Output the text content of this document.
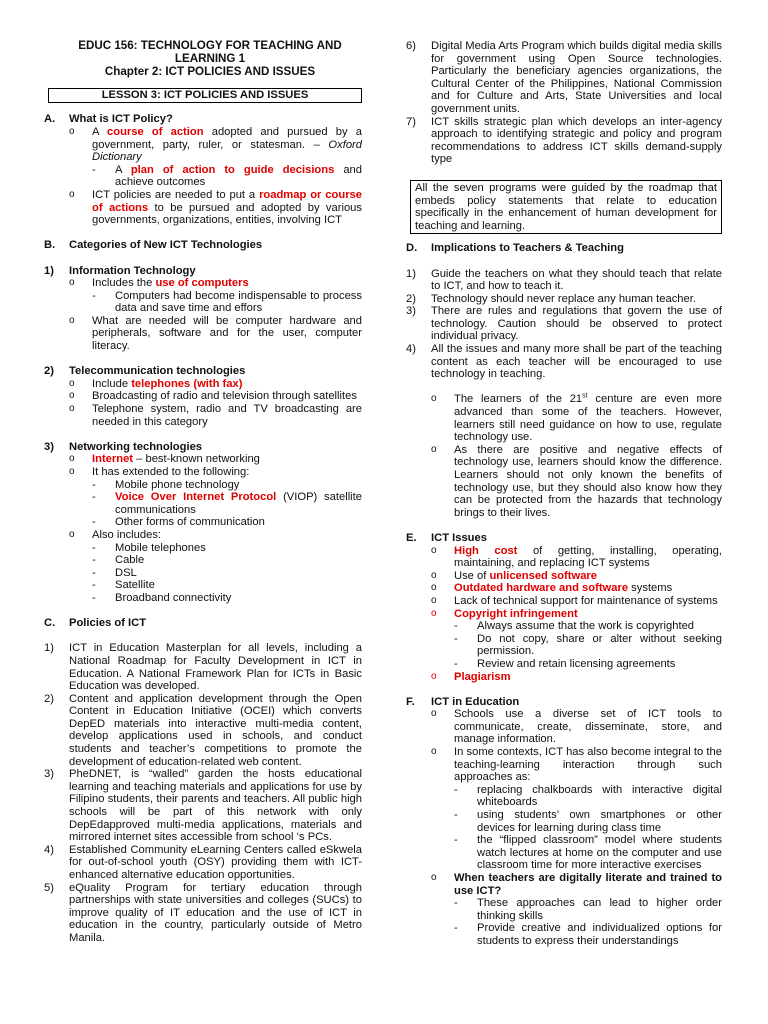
EDUC 156: TECHNOLOGY FOR TEACHING AND
LEARNING 1
Chapter 2: ICT POLICIES AND ISSUES
LESSON 3: ICT POLICIES AND ISSUES
A.	What is ICT Policy?
o	A course of action adopted and pursued by a government, party, ruler, or statesman. – Oxford Dictionary
-	A plan of action to guide decisions and achieve outcomes
o	ICT policies are needed to put a roadmap or course of actions to be pursued and adopted by various governments, organizations, entities, involving ICT
B.	Categories of New ICT Technologies
1)	Information Technology
o	Includes the use of computers
-	Computers had become indispensable to process data and save time and effors
o	What are needed will be computer hardware and peripherals, software and for the user, computer literacy.
2)	Telecommunication technologies
o	Include telephones (with fax)
o	Broadcasting of radio and television through satellites
o	Telephone system, radio and TV broadcasting are needed in this category
3)	Networking technologies
o	Internet – best-known networking
o	It has extended to the following:
-	Mobile phone technology
-	Voice Over Internet Protocol (VIOP) satellite communications
-	Other forms of communication
o	Also includes:
-	Mobile telephones
-	Cable
-	DSL
-	Satellite
-	Broadband connectivity
C.	Policies of ICT
1)	ICT in Education Masterplan for all levels, including a National Roadmap for Faculty Development in ICT in Education. A National Framework Plan for ICTs in Basic Education was developed.
2)	Content and application development through the Open Content in Education Initiative (OCEI) which converts DepED materials into interactive multi-media content, develop applications used in schools, and conduct students and teacher’s competitions to promote the development of education-related web content.
3)	PheDNET, is “walled” garden the hosts educational learning and teaching materials and applications for use by Filipino students, their parents and teachers. All public high schools will be part of this network with only DepEdapproved multi-media applications, materials and mirrored internet sites accessible from school ‘s PCs.
4)	Established Community eLearning Centers called eSkwela for out-of-school youth (OSY) providing them with ICT-enhanced alternative education opportunities.
5)	eQuality Program for tertiary education through partnerships with state universities and colleges (SUCs) to improve quality of IT education and the use of ICT in education in the country, particularly outside of Metro Manila.
6)	Digital Media Arts Program which builds digital media skills for government using Open Source technologies. Particularly the beneficiary agencies organizations, the Cultural Center of the Philippines, National Commission and for Culture and Arts, State Universities and local government units.
7)	ICT skills strategic plan which develops an inter-agency approach to identifying strategic and policy and program recommendations to address ICT skills demand-supply type
All the seven programs were guided by the roadmap that embeds policy statements that relate to education specifically in the enhancement of human development for teaching and learning.
D.	Implications to Teachers & Teaching
1)	Guide the teachers on what they should teach that relate to ICT, and how to teach it.
2)	Technology should never replace any human teacher.
3)	There are rules and regulations that govern the use of technology. Caution should be observed to protect individual privacy.
4)	All the issues and many more shall be part of the teaching content as each teacher will be encouraged to use technology in teaching.
o	The learners of the 21st centure are even more advanced than some of the teachers. However, learners still need guidance on how to use, regulate technology use.
o	As there are positive and negative effects of technology use, learners should know the difference. Learners should not only known the benefits of technology use, but they should also know how they can be protected from the hazards that technology brings to their lives.
E.	ICT Issues
o	High cost of getting, installing, operating, maintaining, and replacing ICT systems
o	Use of unlicensed software
o	Outdated hardware and software systems
o	Lack of technical support for maintenance of systems
o	Copyright infringement
-	Always assume that the work is copyrighted
-	Do not copy, share or alter without seeking permission.
-	Review and retain licensing agreements
o	Plagiarism
F.	ICT in Education
o	Schools use a diverse set of ICT tools to communicate, create, disseminate, store, and manage information.
o	In some contexts, ICT has also become integral to the teaching-learning interaction through such approaches as:
-	replacing chalkboards with interactive digital whiteboards
-	using students’ own smartphones or other devices for learning during class time
-	the “flipped classroom” model where students watch lectures at home on the computer and use classroom time for more interactive exercises
o	When teachers are digitally literate and trained to use ICT?
-	These approaches can lead to higher order thinking skills
-	Provide creative and individualized options for students to express their understandings
